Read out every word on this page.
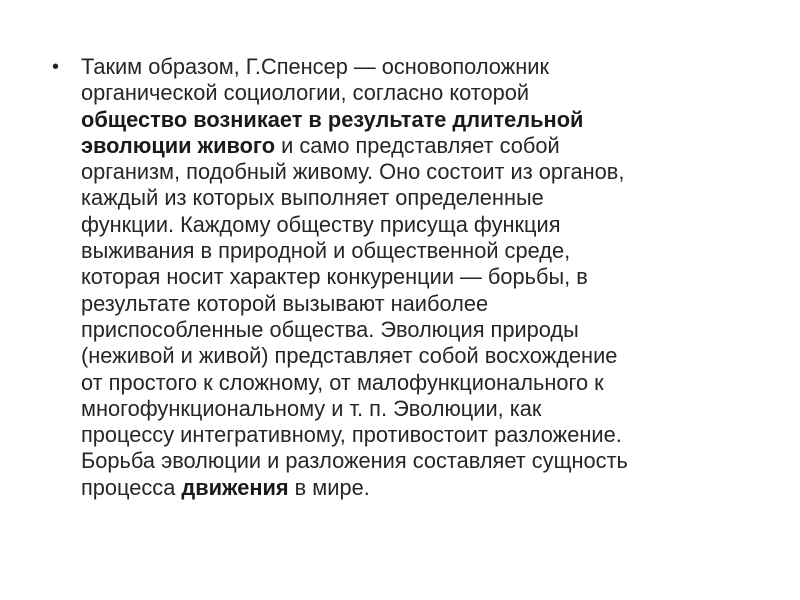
• Таким образом, Г.Спенсер — основоположник
органической социологии, согласно которой
общество возникает в результате длительной
эволюции живого и само представляет собой
организм, подобный живому. Оно состоит из органов,
каждый из которых выполняет определенные
функции. Каждому обществу присуща функция
выживания в природной и общественной среде,
которая носит характер конкуренции — борьбы, в
результате которой вызывают наиболее
приспособленные общества. Эволюция природы
(неживой и живой) представляет собой восхождение
от простого к сложному, от малофункционального к
многофункциональному и т. п. Эволюции, как
процессу интегративному, противостоит разложение.
Борьба эволюции и разложения составляет сущность
процесса движения в мире.
